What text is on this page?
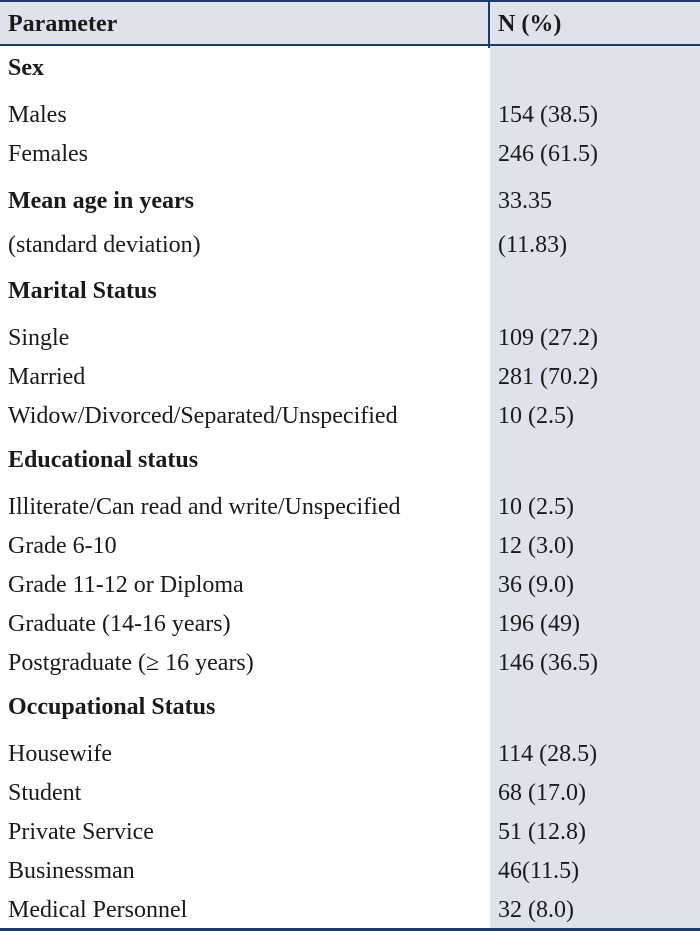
Parameter	N (%)
Sex
Males	154 (38.5)
Females	246 (61.5)
Mean age in years	33.35
(standard deviation)	(11.83)
Marital Status
Single	109 (27.2)
Married	281 (70.2)
Widow/Divorced/Separated/Unspecified	10 (2.5)
Educational status
Illiterate/Can read and write/Unspecified	10 (2.5)
Grade 6-10	12 (3.0)
Grade 11-12 or Diploma	36 (9.0)
Graduate (14-16 years)	196 (49)
Postgraduate (≥ 16 years)	146 (36.5)
Occupational Status
Housewife	114 (28.5)
Student	68 (17.0)
Private Service	51 (12.8)
Businessman	46(11.5)
Medical Personnel	32 (8.0)
